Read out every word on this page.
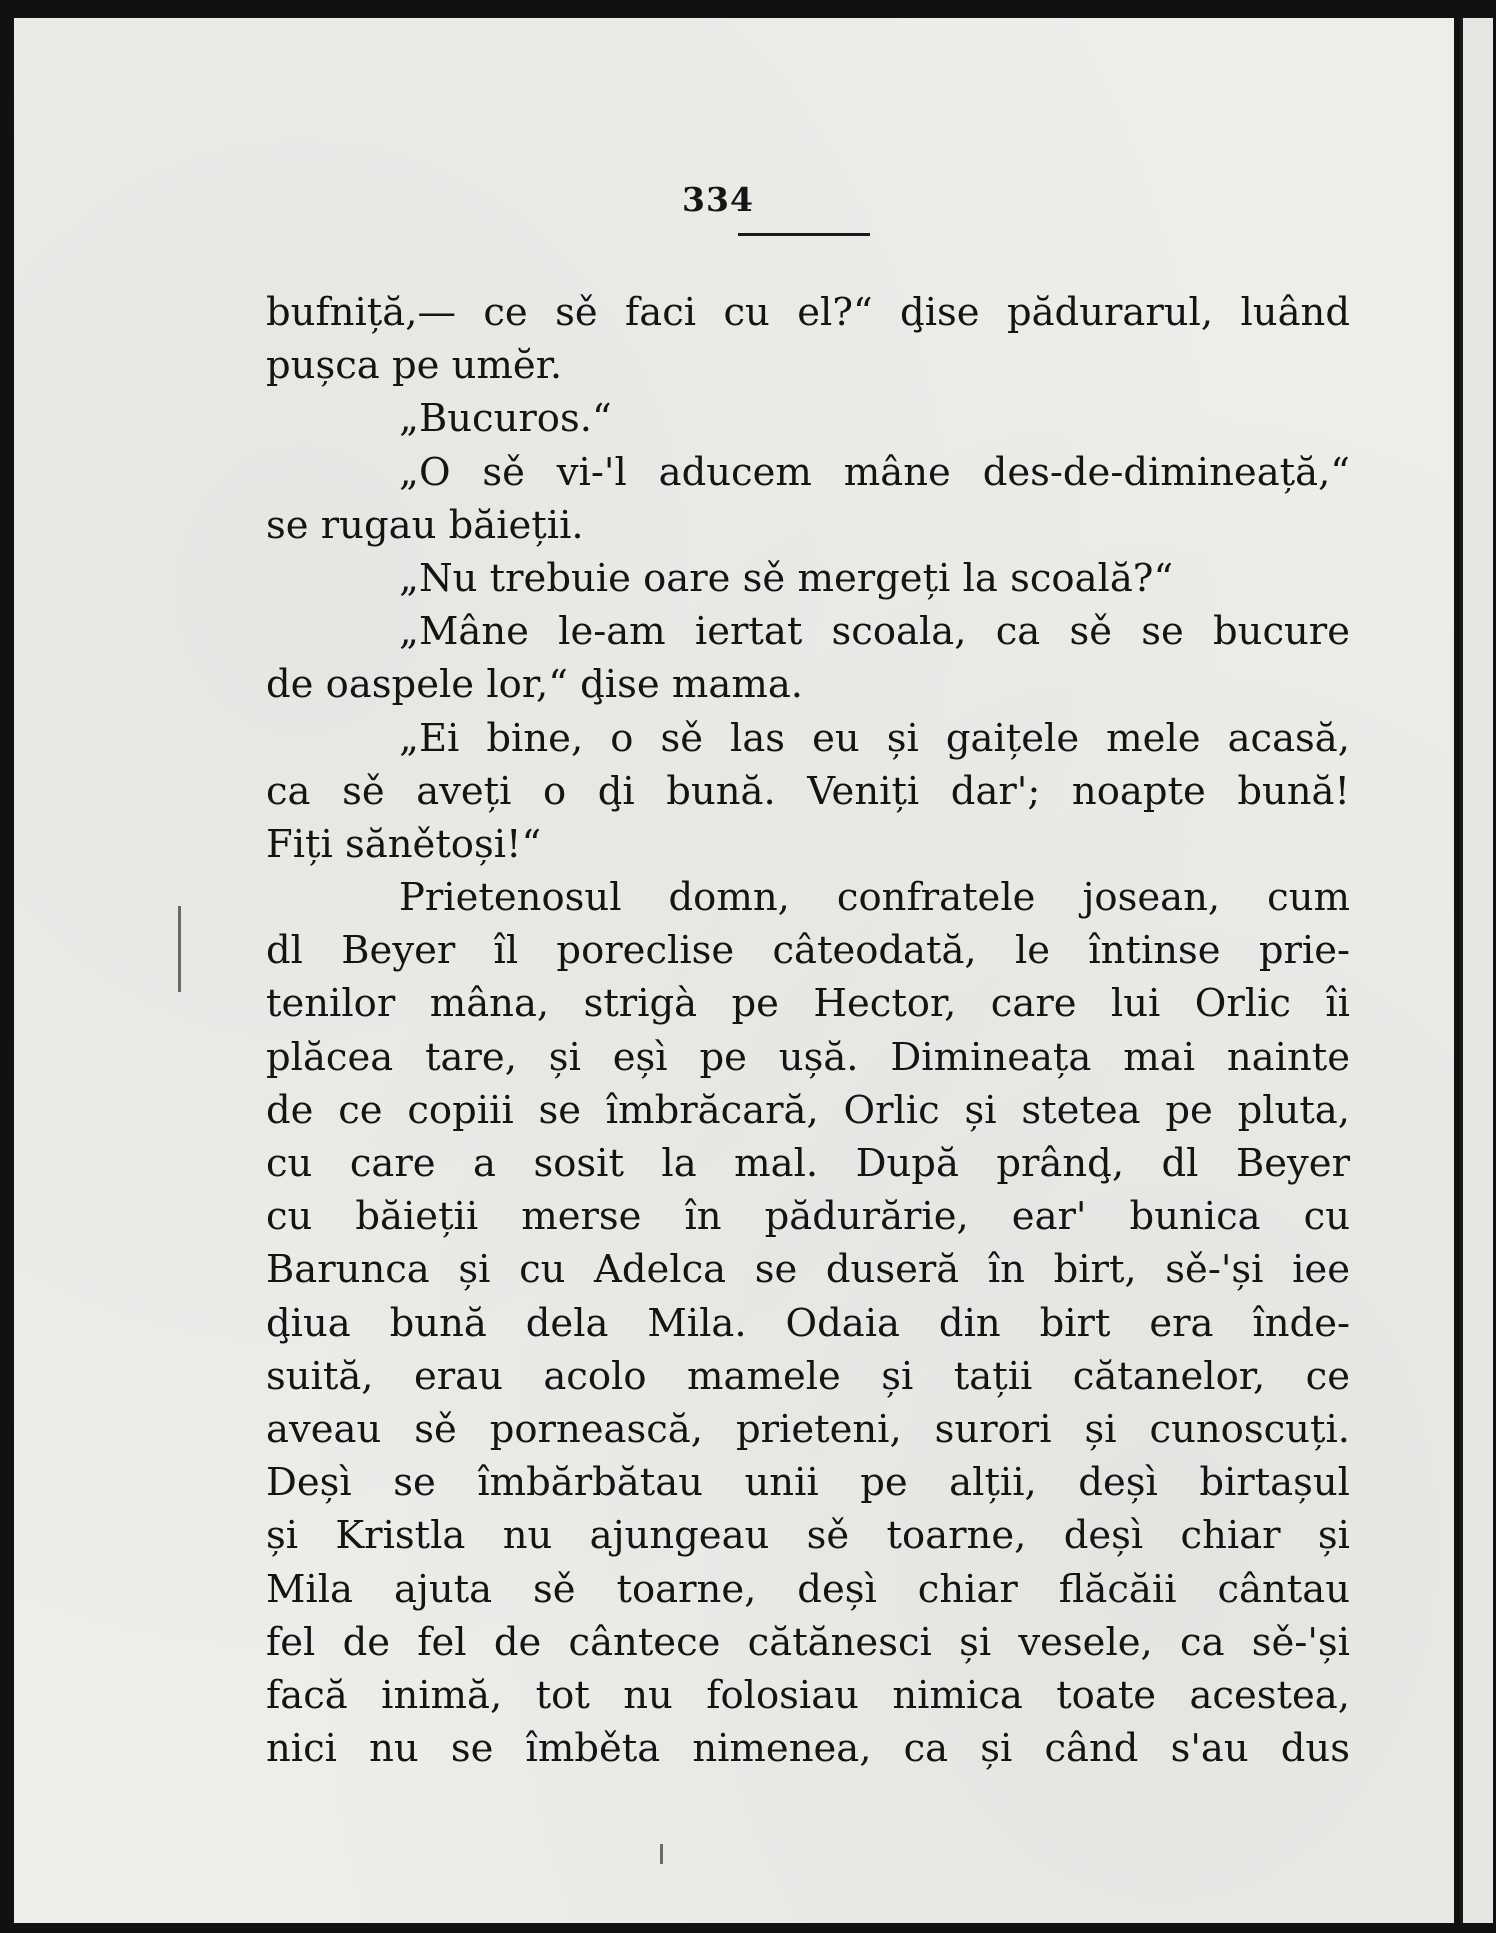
334
bufniță,— ce sě faci cu el?“ ḑise pădurarul, luând
pușca pe umĕr.
„Bucuros.“
„O sě vi-'l aducem mâne des-de-dimineață,“
se rugau băieții.
„Nu trebuie oare sě mergeți la scoală?“
„Mâne le-am iertat scoala, ca sě se bucure
de oaspele lor,“ ḑise mama.
„Ei bine, o sě las eu și gaițele mele acasă,
ca sě aveți o ḑi bună. Veniți dar'; noapte bună!
Fiți sănětoși!“
Prietenosul domn, confratele josean, cum
dl Beyer îl poreclise câteodată, le întinse prie-
tenilor mâna, strigà pe Hector, care lui Orlic îi
plăcea tare, și eșì pe ușă. Dimineața mai nainte
de ce copiii se îmbrăcară, Orlic și stetea pe pluta,
cu care a sosit la mal. După prânḑ, dl Beyer
cu băieții merse în pădurărie, ear' bunica cu
Barunca și cu Adelca se duseră în birt, sě-'și iee
ḑiua bună dela Mila. Odaia din birt era înde-
suită, erau acolo mamele și tații cătanelor, ce
aveau sě pornească, prieteni, surori și cunoscuți.
Deșì se îmbărbătau unii pe alții, deșì birtașul
și Kristla nu ajungeau sě toarne, deșì chiar și
Mila ajuta sě toarne, deșì chiar flăcăii cântau
fel de fel de cântece cătănesci și vesele, ca sě-'și
facă inimă, tot nu folosiau nimica toate acestea,
nici nu se îmběta nimenea, ca și când s'au dus
